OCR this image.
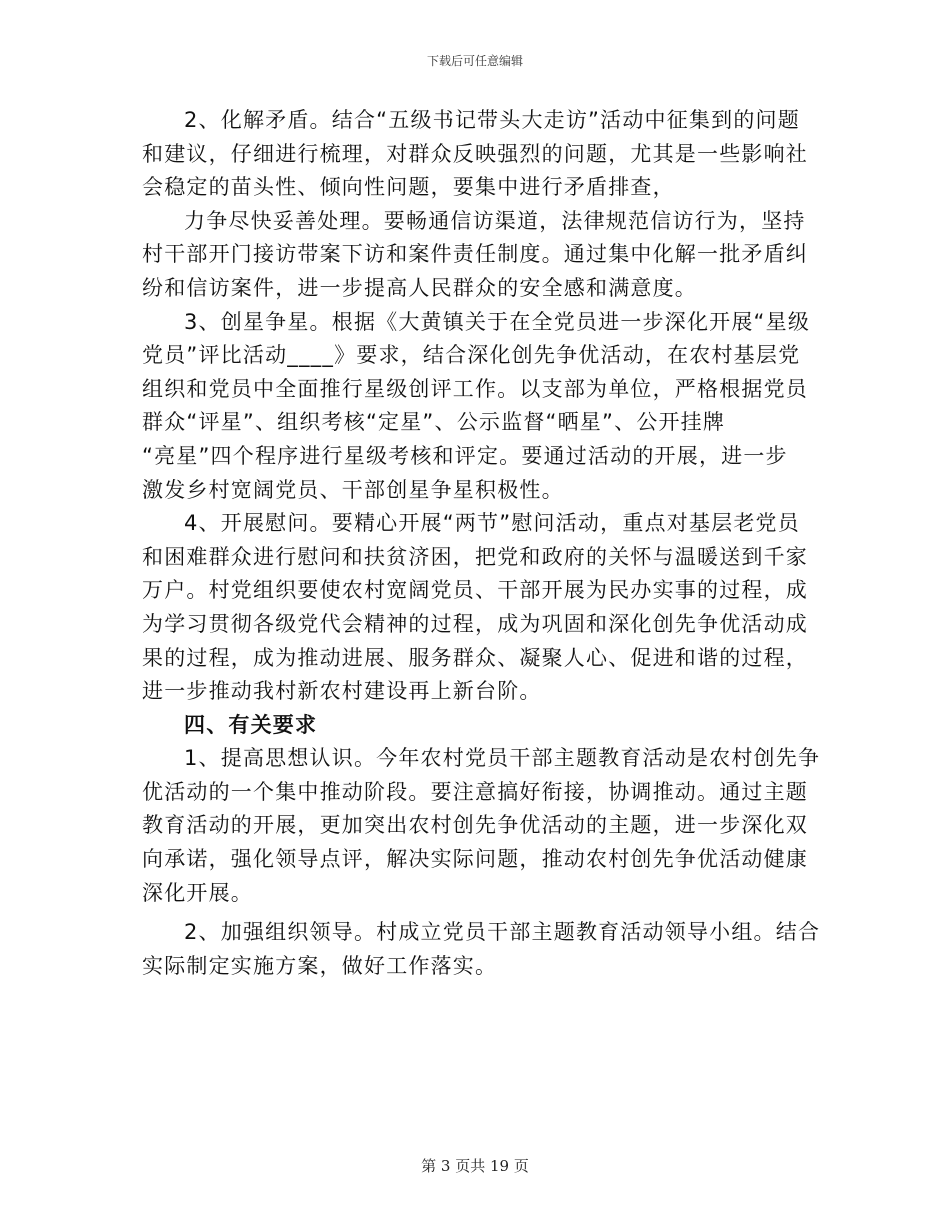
下载后可任意编辑
2、化解矛盾。结合“五级书记带头大走访”活动中征集到的问题
和建议，仔细进行梳理，对群众反映强烈的问题，尤其是一些影响社
会稳定的苗头性、倾向性问题，要集中进行矛盾排查，
力争尽快妥善处理。要畅通信访渠道，法律规范信访行为，坚持
村干部开门接访带案下访和案件责任制度。通过集中化解一批矛盾纠
纷和信访案件，进一步提高人民群众的安全感和满意度。
3、创星争星。根据《大黄镇关于在全党员进一步深化开展“星级
党员”评比活动____》要求，结合深化创先争优活动，在农村基层党
组织和党员中全面推行星级创评工作。以支部为单位，严格根据党员
群众“评星”、组织考核“定星”、公示监督“晒星”、公开挂牌
“亮星”四个程序进行星级考核和评定。要通过活动的开展，进一步
激发乡村宽阔党员、干部创星争星积极性。
4、开展慰问。要精心开展“两节”慰问活动，重点对基层老党员
和困难群众进行慰问和扶贫济困，把党和政府的关怀与温暖送到千家
万户。村党组织要使农村宽阔党员、干部开展为民办实事的过程，成
为学习贯彻各级党代会精神的过程，成为巩固和深化创先争优活动成
果的过程，成为推动进展、服务群众、凝聚人心、促进和谐的过程，
进一步推动我村新农村建设再上新台阶。
四、有关要求
1、提高思想认识。今年农村党员干部主题教育活动是农村创先争
优活动的一个集中推动阶段。要注意搞好衔接，协调推动。通过主题
教育活动的开展，更加突出农村创先争优活动的主题，进一步深化双
向承诺，强化领导点评，解决实际问题，推动农村创先争优活动健康
深化开展。
2、加强组织领导。村成立党员干部主题教育活动领导小组。结合
实际制定实施方案，做好工作落实。
第 3 页共 19 页
